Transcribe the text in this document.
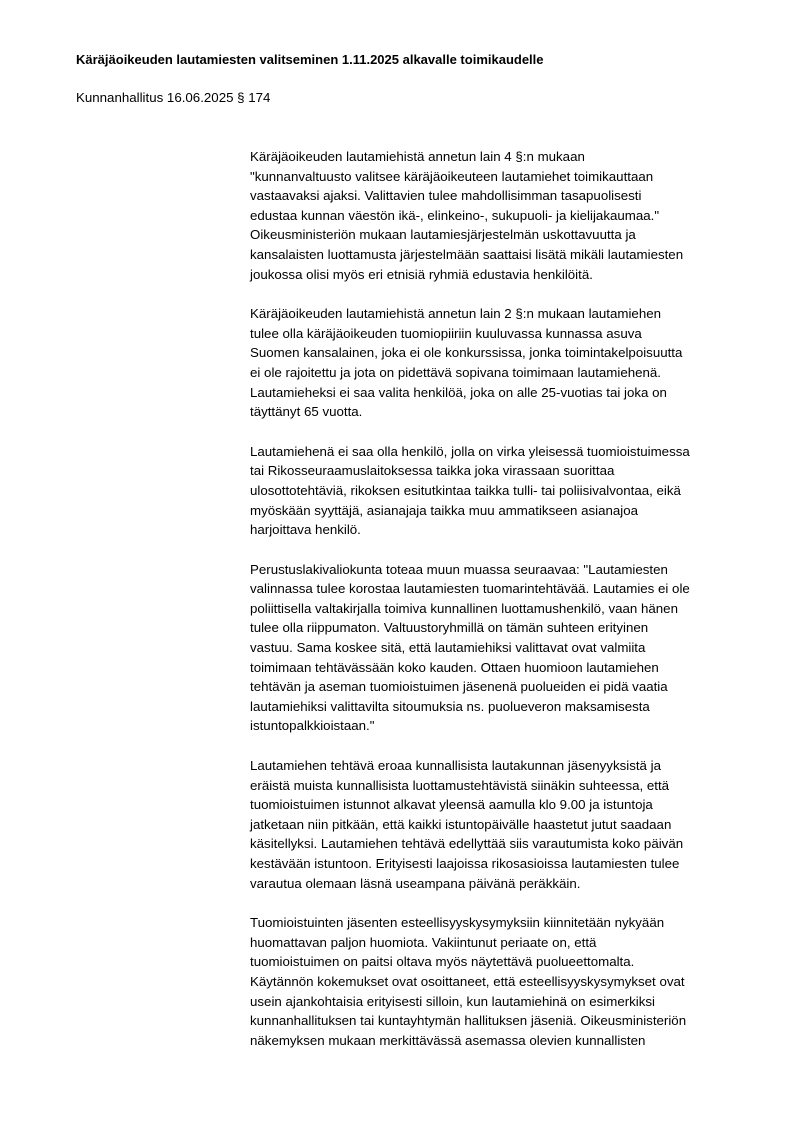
Käräjäoikeuden lautamiesten valitseminen 1.11.2025 alkavalle toimikaudelle
Kunnanhallitus 16.06.2025 § 174
Käräjäoikeuden lautamiehistä annetun lain 4 §:n mukaan
"kunnanvaltuusto valitsee käräjäoikeuteen lautamiehet toimikauttaan
vastaavaksi ajaksi. Valittavien tulee mahdollisimman tasapuolisesti
edustaa kunnan väestön ikä-, elinkeino-, sukupuoli- ja kielijakaumaa."
Oikeusministeriön mukaan lautamiesjärjestelmän uskottavuutta ja
kansalaisten luottamusta järjestelmään saattaisi lisätä mikäli lautamiesten
joukossa olisi myös eri etnisiä ryhmiä edustavia henkilöitä.
Käräjäoikeuden lautamiehistä annetun lain 2 §:n mukaan lautamiehen
tulee olla käräjäoikeuden tuomiopiiriin kuuluvassa kunnassa asuva
Suomen kansalainen, joka ei ole konkurssissa, jonka toimintakelpoisuutta
ei ole rajoitettu ja jota on pidettävä sopivana toimimaan lautamiehenä.
Lautamieheksi ei saa valita henkilöä, joka on alle 25-vuotias tai joka on
täyttänyt 65 vuotta.
Lautamiehenä ei saa olla henkilö, jolla on virka yleisessä tuomioistuimessa
tai Rikosseuraamuslaitoksessa taikka joka virassaan suorittaa
ulosottotehtäviä, rikoksen esitutkintaa taikka tulli- tai poliisivalvontaa, eikä
myöskään syyttäjä, asianajaja taikka muu ammatikseen asianajoa
harjoittava henkilö.
Perustuslakivaliokunta toteaa muun muassa seuraavaa: "Lautamiesten
valinnassa tulee korostaa lautamiesten tuomarintehtävää. Lautamies ei ole
poliittisella valtakirjalla toimiva kunnallinen luottamushenkilö, vaan hänen
tulee olla riippumaton. Valtuustoryhmillä on tämän suhteen erityinen
vastuu. Sama koskee sitä, että lautamiehiksi valittavat ovat valmiita
toimimaan tehtävässään koko kauden. Ottaen huomioon lautamiehen
tehtävän ja aseman tuomioistuimen jäsenenä puolueiden ei pidä vaatia
lautamiehiksi valittavilta sitoumuksia ns. puolueveron maksamisesta
istuntopalkkioistaan."
Lautamiehen tehtävä eroaa kunnallisista lautakunnan jäsenyyksistä ja
eräistä muista kunnallisista luottamustehtävistä siinäkin suhteessa, että
tuomioistuimen istunnot alkavat yleensä aamulla klo 9.00 ja istuntoja
jatketaan niin pitkään, että kaikki istuntopäivälle haastetut jutut saadaan
käsitellyksi. Lautamiehen tehtävä edellyttää siis varautumista koko päivän
kestävään istuntoon. Erityisesti laajoissa rikosasioissa lautamiesten tulee
varautua olemaan läsnä useampana päivänä peräkkäin.
Tuomioistuinten jäsenten esteellisyyskysymyksiin kiinnitetään nykyään
huomattavan paljon huomiota. Vakiintunut periaate on, että
tuomioistuimen on paitsi oltava myös näytettävä puolueettomalta.
Käytännön kokemukset ovat osoittaneet, että esteellisyyskysymykset ovat
usein ajankohtaisia erityisesti silloin, kun lautamiehinä on esimerkiksi
kunnanhallituksen tai kuntayhtymän hallituksen jäseniä. Oikeusministeriön
näkemyksen mukaan merkittävässä asemassa olevien kunnallisten
